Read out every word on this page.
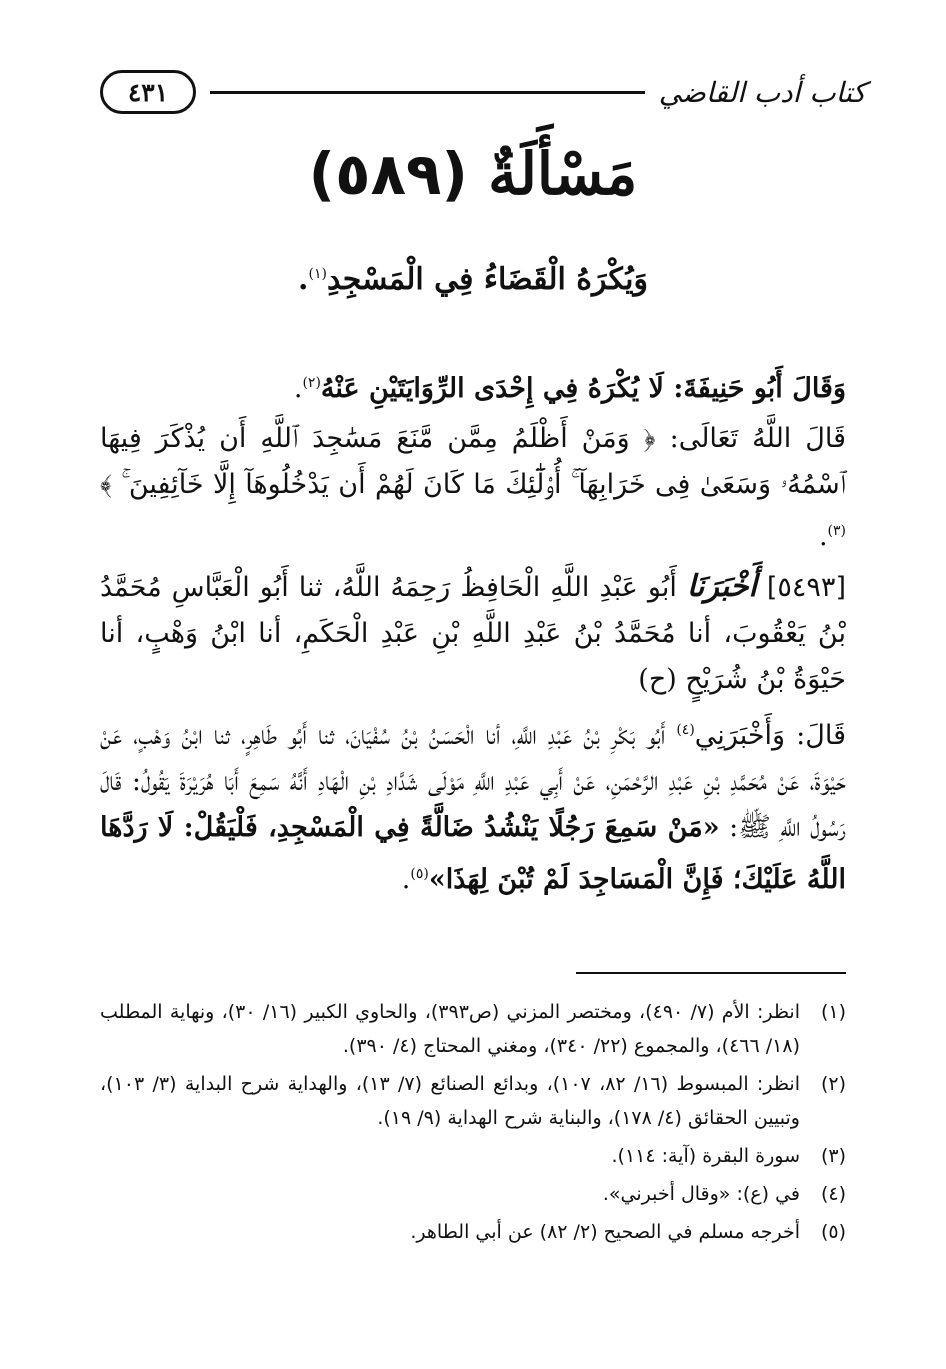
٤٣١	كتاب أدب القاضي
مَسْأَلَةٌ (٥٨٩)
وَيُكْرَهُ الْقَضَاءُ فِي الْمَسْجِدِ$^{(١)}$.

وَقَالَ أَبُو حَنِيفَةَ: لَا يُكْرَهُ فِي إِحْدَى الرِّوَايَتَيْنِ عَنْهُ$^{(٢)}$.

قَالَ اللَّهُ تَعَالَى: ﴿ وَمَنْ أَظْلَمُ مِمَّن مَّنَعَ مَسَٰجِدَ ٱللَّهِ أَن يُذْكَرَ فِيهَا ٱسْمُهُۥ وَسَعَىٰ فِى خَرَابِهَآ ۚ أُو۟لَٰٓئِكَ مَا كَانَ لَهُمْ أَن يَدْخُلُوهَآ إِلَّا خَآئِفِينَ ۚ ﴾$^{(٣)}$.

[٥٤٩٣] أَخْبَرَنَا أَبُو عَبْدِ اللَّهِ الْحَافِظُ رَحِمَهُ اللَّهُ، ثنا أَبُو الْعَبَّاسِ مُحَمَّدُ بْنُ يَعْقُوبَ، أنا مُحَمَّدُ بْنُ عَبْدِ اللَّهِ بْنِ عَبْدِ الْحَكَمِ، أنا ابْنُ وَهْبٍ، أنا حَيْوَةُ بْنُ شُرَيْحٍ (ح)

قَالَ: وَأَخْبَرَنِي$^{(٤)}$ أَبُو بَكْرِ بْنُ عَبْدِ اللَّهِ، أنا الْحَسَنُ بْنُ سُفْيَانَ، ثنا أَبُو طَاهِرٍ، ثنا ابْنُ وَهْبٍ، عَنْ حَيْوَةَ، عَنْ مُحَمَّدِ بْنِ عَبْدِ الرَّحْمَنِ، عَنْ أَبِي عَبْدِ اللَّهِ مَوْلَى شَدَّادِ بْنِ الْهَادِ أَنَّهُ سَمِعَ أَبَا هُرَيْرَةَ يَقُولُ: قَالَ رَسُولُ اللَّهِ ﷺ: «مَنْ سَمِعَ رَجُلًا يَنْشُدُ ضَالَّةً فِي الْمَسْجِدِ، فَلْيَقُلْ: لَا رَدَّهَا اللَّهُ عَلَيْكَ؛ فَإِنَّ الْمَسَاجِدَ لَمْ تُبْنَ لِهَذَا»$^{(٥)}$.

(١)
انظر: الأم (٧/ ٤٩٠)، ومختصر المزني (ص٣٩٣)، والحاوي الكبير (١٦/ ٣٠)، ونهاية المطلب (١٨/ ٤٦٦)، والمجموع (٢٢/ ٣٤٠)، ومغني المحتاج (٤/ ٣٩٠).
(٢)
انظر: المبسوط (١٦/ ٨٢، ١٠٧)، وبدائع الصنائع (٧/ ١٣)، والهداية شرح البداية (٣/ ١٠٣)، وتبيين الحقائق (٤/ ١٧٨)، والبناية شرح الهداية (٩/ ١٩).
(٣)
سورة البقرة (آية: ١١٤).
(٤)
في (ع): «وقال أخبرني».
(٥)
أخرجه مسلم في الصحيح (٢/ ٨٢) عن أبي الطاهر.
